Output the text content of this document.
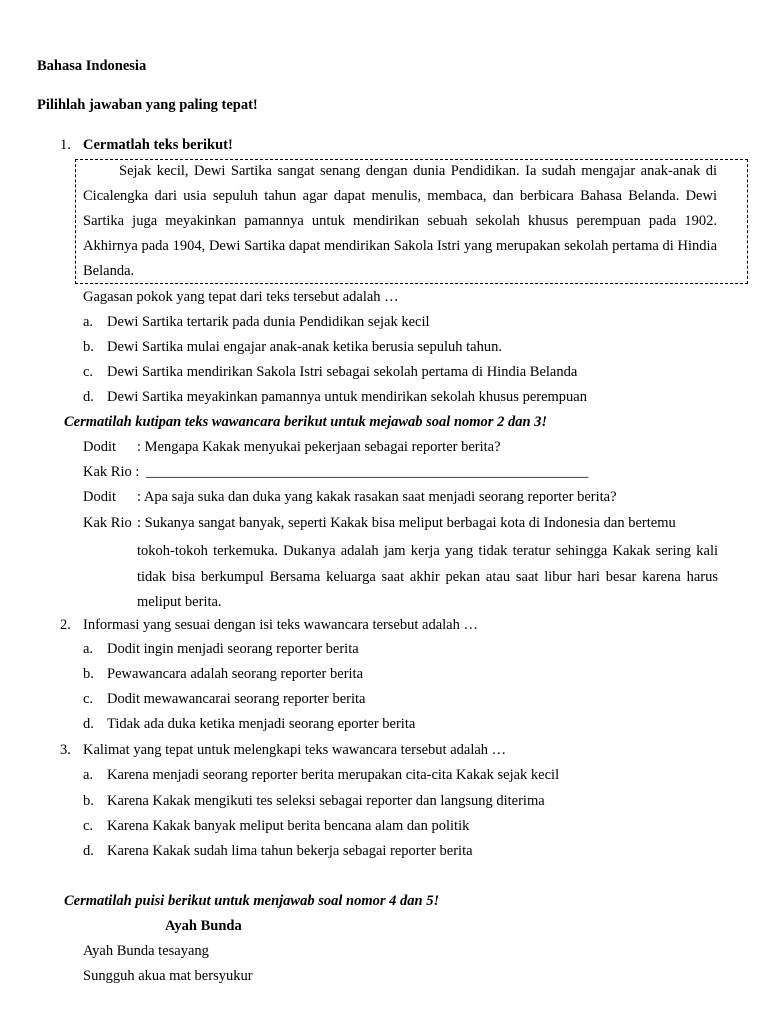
Bahasa Indonesia
Pilihlah jawaban yang paling tepat!
1. Cermatlah teks berikut!
Sejak kecil, Dewi Sartika sangat senang dengan dunia Pendidikan. Ia sudah mengajar anak-anak di Cicalengka dari usia sepuluh tahun agar dapat menulis, membaca, dan berbicara Bahasa Belanda. Dewi Sartika juga meyakinkan pamannya untuk mendirikan sebuah sekolah khusus perempuan pada 1902. Akhirnya pada 1904, Dewi Sartika dapat mendirikan Sakola Istri yang merupakan sekolah pertama di Hindia Belanda.
Gagasan pokok yang tepat dari teks tersebut adalah …
a. Dewi Sartika tertarik pada dunia Pendidikan sejak kecil
b. Dewi Sartika mulai engajar anak-anak ketika berusia sepuluh tahun.
c. Dewi Sartika mendirikan Sakola Istri sebagai sekolah pertama di Hindia Belanda
d. Dewi Sartika meyakinkan pamannya untuk mendirikan sekolah khusus perempuan
Cermatilah kutipan teks wawancara berikut untuk mejawab soal nomor 2 dan 3!
Dodit : Mengapa Kakak menyukai pekerjaan sebagai reporter berita?
Kak Rio : _____________________________________________________________
Dodit : Apa saja suka dan duka yang kakak rasakan saat menjadi seorang reporter berita?
Kak Rio : Sukanya sangat banyak, seperti Kakak bisa meliput berbagai kota di Indonesia dan bertemu
tokoh-tokoh terkemuka. Dukanya adalah jam kerja yang tidak teratur sehingga Kakak sering kali tidak bisa berkumpul Bersama keluarga saat akhir pekan atau saat libur hari besar karena harus meliput berita.
2. Informasi yang sesuai dengan isi teks wawancara tersebut adalah …
a. Dodit ingin menjadi seorang reporter berita
b. Pewawancara adalah seorang reporter berita
c. Dodit mewawancarai seorang reporter berita
d. Tidak ada duka ketika menjadi seorang eporter berita
3. Kalimat yang tepat untuk melengkapi teks wawancara tersebut adalah …
a. Karena menjadi seorang reporter berita merupakan cita-cita Kakak sejak kecil
b. Karena Kakak mengikuti tes seleksi sebagai reporter dan langsung diterima
c. Karena Kakak banyak meliput berita bencana alam dan politik
d. Karena Kakak sudah lima tahun bekerja sebagai reporter berita
Cermatilah puisi berikut untuk menjawab soal nomor 4 dan 5!
Ayah Bunda
Ayah Bunda tesayang
Sungguh akua mat bersyukur
